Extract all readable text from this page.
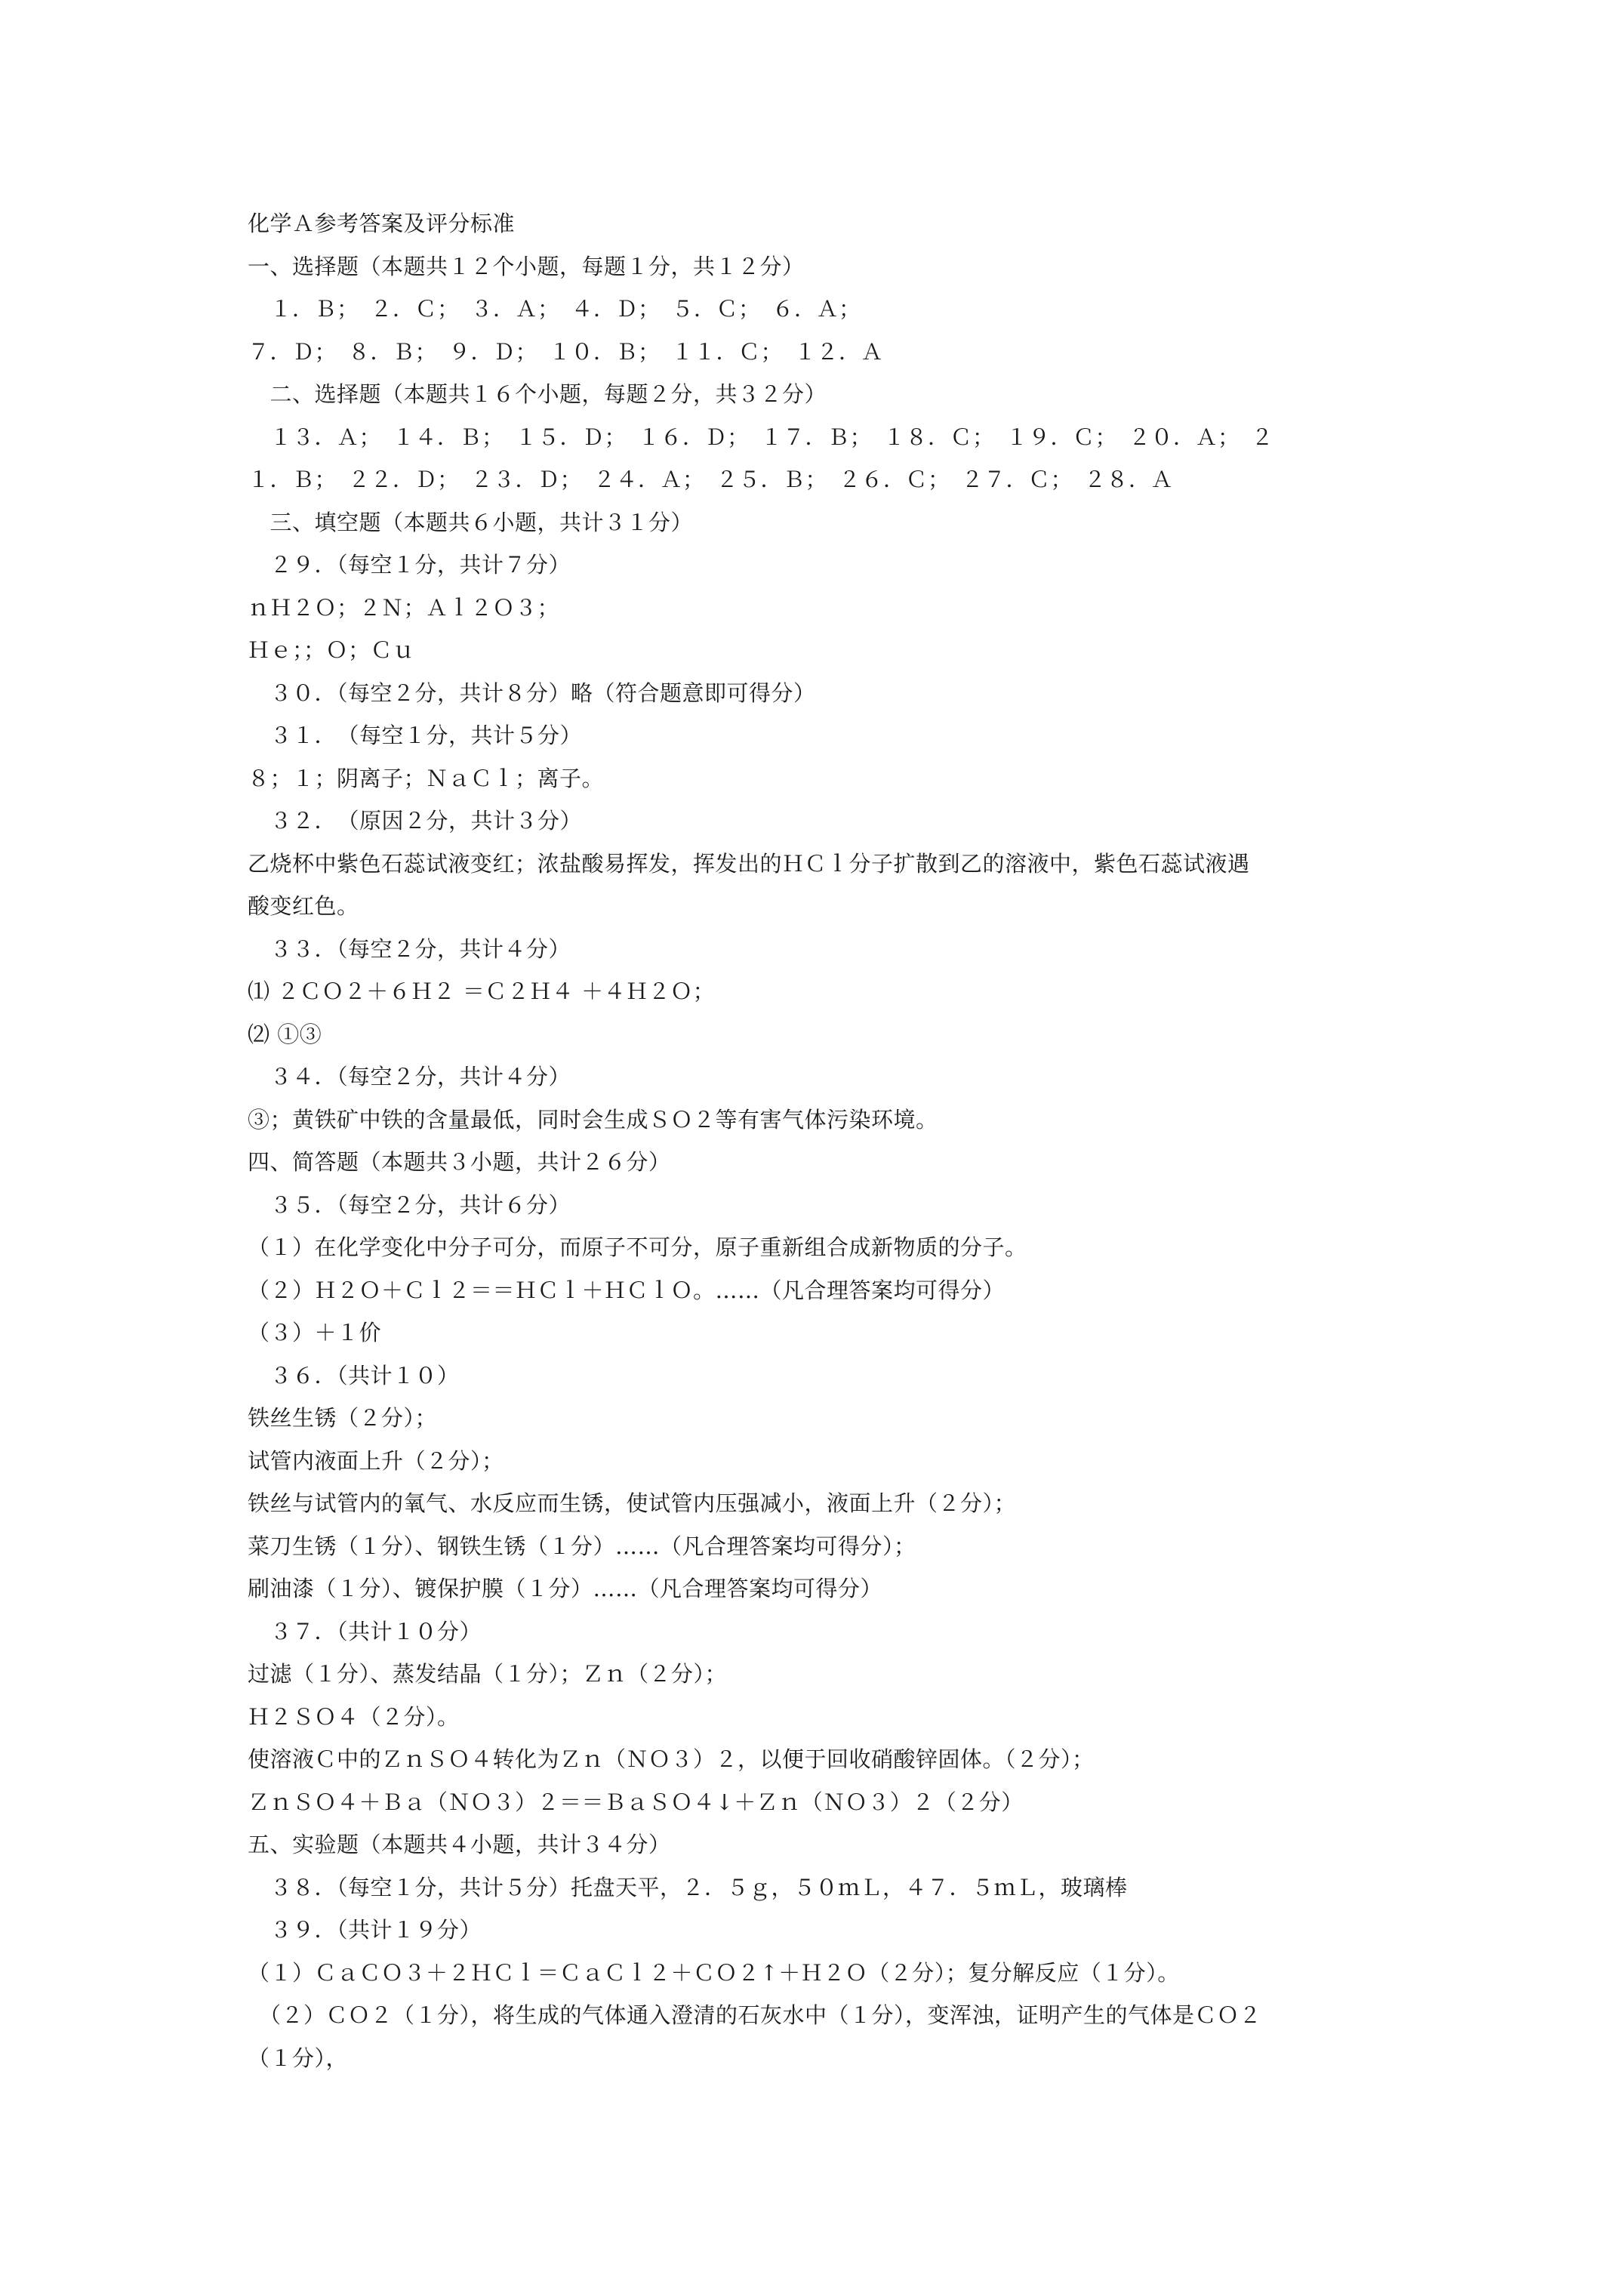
化学Ａ参考答案及评分标准

一、选择题（本题共１２个小题，每题１分，共１２分）

　１．Ｂ；　２．Ｃ；　３．Ａ；　４．Ｄ；　５．Ｃ；　６．Ａ；

７．Ｄ；　８．Ｂ；　９．Ｄ；　１０．Ｂ；　１１．Ｃ；　１２．Ａ

　二、选择题（本题共１６个小题，每题２分，共３２分）

　１３．Ａ；　１４．Ｂ；　１５．Ｄ；　１６．Ｄ；　１７．Ｂ；　１８．Ｃ；　１９．Ｃ；　２０．Ａ；　２

１．Ｂ；　２２．Ｄ；　２３．Ｄ；　２４．Ａ；　２５．Ｂ；　２６．Ｃ；　２７．Ｃ；　２８．Ａ

　三、填空题（本题共６小题，共计３１分）

　２９．（每空１分，共计７分）

ｎＨ２Ｏ；２Ｎ；Ａｌ２Ｏ３；

Ｈｅ；；Ｏ；Ｃｕ

　３０．（每空２分，共计８分）略（符合题意即可得分）

　３１．　（每空１分，共计５分）

８；１；阴离子；ＮａＣｌ；离子。

　３２．　（原因２分，共计３分）

乙烧杯中紫色石蕊试液变红；浓盐酸易挥发，挥发出的ＨＣｌ分子扩散到乙的溶液中，紫色石蕊试液遇

酸变红色。

　３３．（每空２分，共计４分）

⑴ ２ＣＯ２＋６Ｈ２ ＝Ｃ２Ｈ４ ＋４Ｈ２Ｏ；

⑵ ①③

　３４．（每空２分，共计４分）

③；黄铁矿中铁的含量最低，同时会生成ＳＯ２等有害气体污染环境。

四、简答题（本题共３小题，共计２６分）

　３５．（每空２分，共计６分）

（１）在化学变化中分子可分，而原子不可分，原子重新组合成新物质的分子。

（２）Ｈ２Ｏ＋Ｃｌ２＝＝ＨＣｌ＋ＨＣｌＯ。……（凡合理答案均可得分）

（３）＋１价

　３６．（共计１０）

铁丝生锈（２分）；

试管内液面上升（２分）；

铁丝与试管内的氧气、水反应而生锈，使试管内压强减小，液面上升（２分）；

菜刀生锈（１分）、钢铁生锈（１分）……（凡合理答案均可得分）；

刷油漆（１分）、镀保护膜（１分）……（凡合理答案均可得分）

　３７．（共计１０分）

过滤（１分）、蒸发结晶（１分）；Ｚｎ（２分）；

Ｈ２ＳＯ４（２分）。

使溶液Ｃ中的ＺｎＳＯ４转化为Ｚｎ（ＮＯ３）２，以便于回收硝酸锌固体。（２分）；

ＺｎＳＯ４＋Ｂａ（ＮＯ３）２＝＝ＢａＳＯ４↓＋Ｚｎ（ＮＯ３）２（２分）

五、实验题（本题共４小题，共计３４分）

　３８．（每空１分，共计５分）托盘天平，２．５ｇ，５０ｍＬ，４７．５ｍＬ，玻璃棒

　３９．（共计１９分）

（１）ＣａＣＯ３＋２ＨＣｌ＝ＣａＣｌ２＋ＣＯ２↑＋Ｈ２Ｏ（２分）；复分解反应（１分）。

　（２）ＣＯ２（１分），将生成的气体通入澄清的石灰水中（１分），变浑浊，证明产生的气体是ＣＯ２

（１分），
